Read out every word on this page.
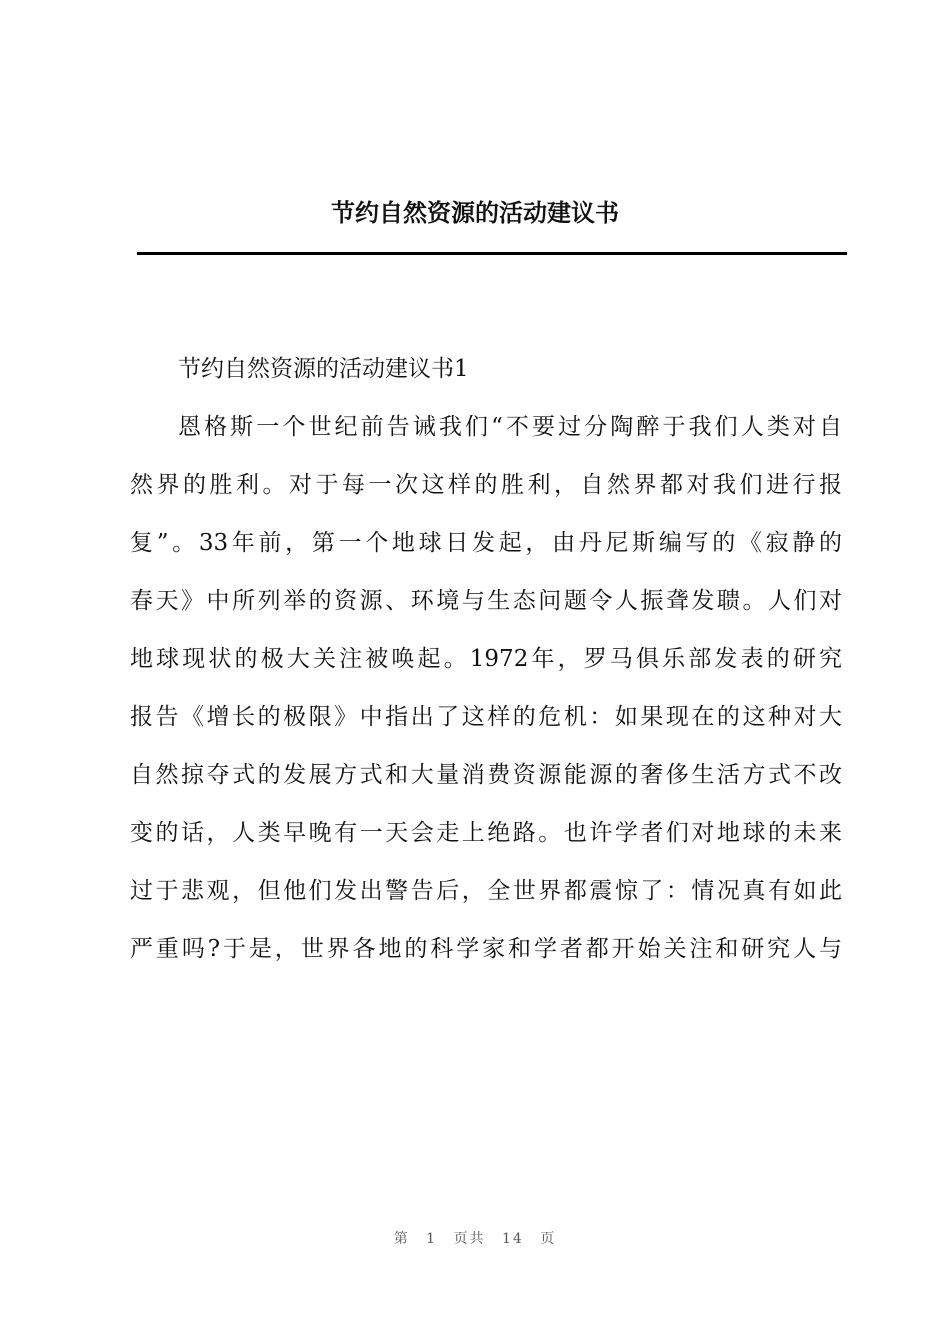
节约自然资源的活动建议书
节约自然资源的活动建议书1
恩格斯一个世纪前告诫我们“不要过分陶醉于我们人类对自
然界的胜利。对于每一次这样的胜利，自然界都对我们进行报
复”。33年前，第一个地球日发起，由丹尼斯编写的《寂静的
春天》中所列举的资源、环境与生态问题令人振聋发聩。人们对
地球现状的极大关注被唤起。1972年，罗马俱乐部发表的研究
报告《增长的极限》中指出了这样的危机：如果现在的这种对大
自然掠夺式的发展方式和大量消费资源能源的奢侈生活方式不改
变的话，人类早晚有一天会走上绝路。也许学者们对地球的未来
过于悲观，但他们发出警告后，全世界都震惊了：情况真有如此
严重吗?于是，世界各地的科学家和学者都开始关注和研究人与
第 1 页共 14 页
